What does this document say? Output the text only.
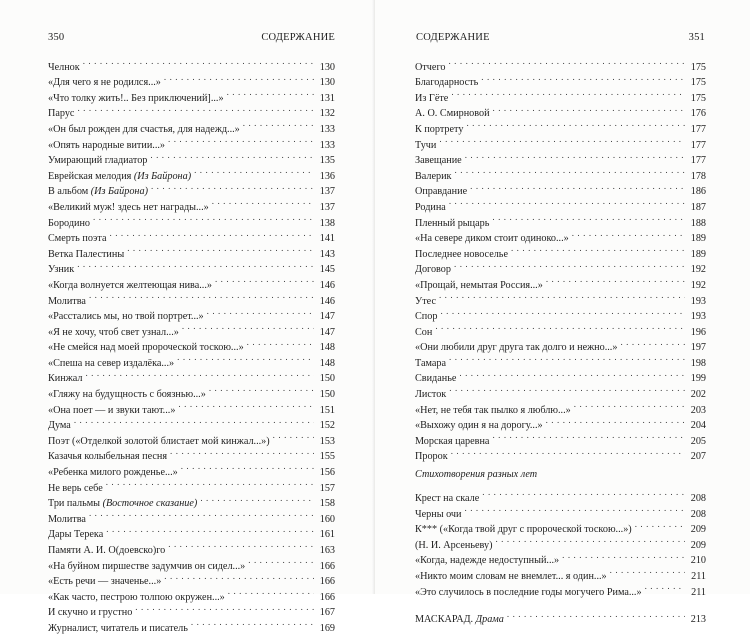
350	СОДЕРЖАНИЕ
Челнок . . .	130
«Для чего я не родился...» . . .	130
«Что толку жить!.. Без приключений]...» . . .	131
Парус . . .	132
«Он был рожден для счастья, для надежд...» . . .	133
«Опять народные витии...» . . .	133
Умирающий гладиатор . . .	135
Еврейская мелодия (Из Байрона) . . .	136
В альбом (Из Байрона) . . .	137
«Великий муж! здесь нет награды...» . . .	137
Бородино . . .	138
Смерть поэта . . .	141
Ветка Палестины . . .	143
Узник . . .	145
«Когда волнуется желтеющая нива...» . . .	146
Молитва . . .	146
«Расстались мы, но твой портрет...» . . .	147
«Я не хочу, чтоб свет узнал...» . . .	147
«Не смейся над моей пророческой тоскою...» . . .	148
«Спеша на север издалёка...» . . .	148
Кинжал . . .	150
«Гляжу на будущность с боязнью...» . . .	150
«Она поет — и звуки тают...» . . .	151
Дума . . .	152
Поэт («Отделкой золотой блистает мой кинжал...») . . .	153
Казачья колыбельная песня . . .	155
«Ребенка милого рожденье...» . . .	156
Не верь себе . . .	157
Три пальмы (Восточное сказание) . . .	158
Молитва . . .	160
Дары Терека . . .	161
Памяти А. И. О(доевско)го . . .	163
«На буйном пиршестве задумчив он сидел...» . . .	166
«Есть речи — значенье...» . . .	166
«Как часто, пестрою толпою окружен...» . . .	166
И скучно и грустно . . .	167
Журналист, читатель и писатель . . .	169
СОДЕРЖАНИЕ	351
Отчего . . .	175
Благодарность . . .	175
Из Гёте . . .	175
А. О. Смирновой . . .	176
К портрету . . .	177
Тучи . . .	177
Завещание . . .	177
Валерик . . .	178
Оправдание . . .	186
Родина . . .	187
Пленный рыцарь . . .	188
«На севере диком стоит одиноко...» . . .	189
Последнее новоселье . . .	189
Договор . . .	192
«Прощай, немытая Россия...» . . .	192
Утес . . .	193
Спор . . .	193
Сон . . .	196
«Они любили друг друга так долго и нежно...» . . .	197
Тамара . . .	198
Свиданье . . .	199
Листок . . .	202
«Нет, не тебя так пылко я люблю...» . . .	203
«Выхожу один я на дорогу...» . . .	204
Морская царевна . . .	205
Пророк . . .	207
Стихотворения разных лет
Крест на скале . . .	208
Черны очи . . .	208
К*** («Когда твой друг с пророческой тоскою...») . . .	209
(Н. И. Арсеньеву) . . .	209
«Когда, надежде недоступный...» . . .	210
«Никто моим словам не внемлет... я один...» . . .	211
«Это случилось в последние годы могучего Рима...» . . .	211
МАСКАРАД. Драма . . .	213
